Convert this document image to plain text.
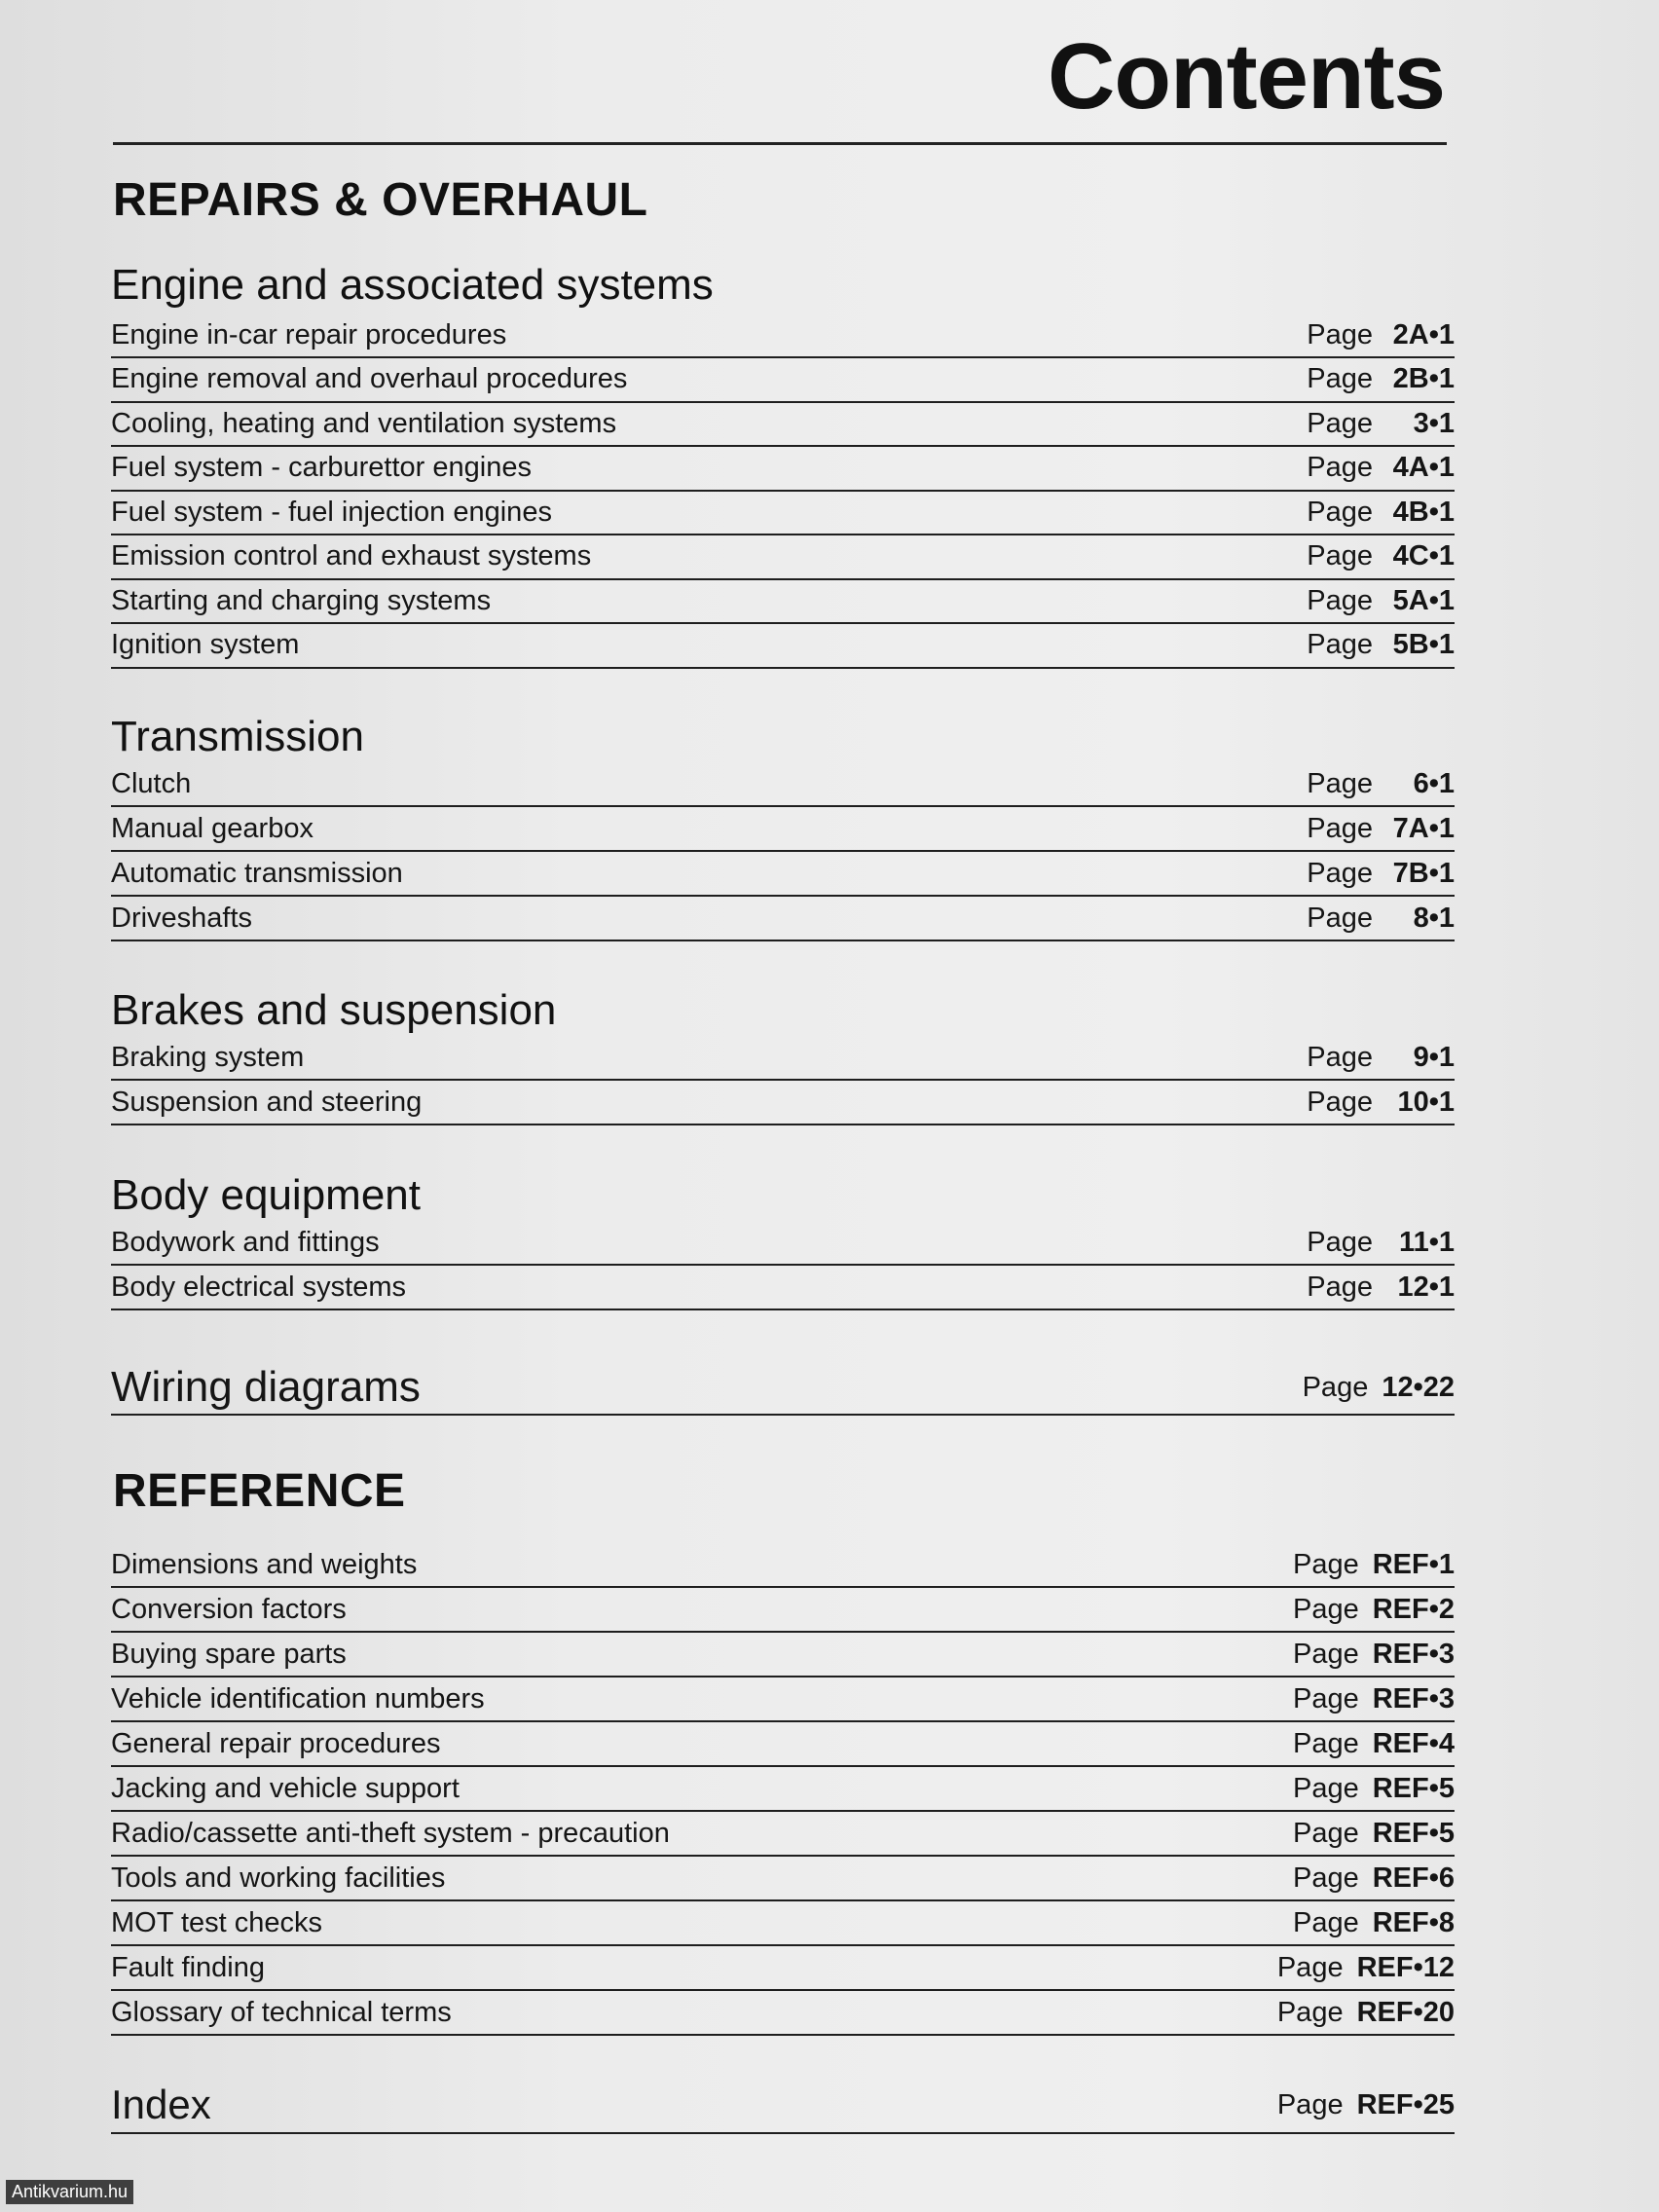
Contents
REPAIRS & OVERHAUL
Engine and associated systems
Engine in-car repair procedures	Page 2A•1
Engine removal and overhaul procedures	Page 2B•1
Cooling, heating and ventilation systems	Page	3•1
Fuel system - carburettor engines	Page 4A•1
Fuel system - fuel injection engines	Page 4B•1
Emission control and exhaust systems	Page 4C•1
Starting and charging systems	Page 5A•1
Ignition system	Page 5B•1
Transmission
Clutch	Page	6•1
Manual gearbox	Page 7A•1
Automatic transmission	Page 7B•1
Driveshafts	Page	8•1
Brakes and suspension
Braking system	Page	9•1
Suspension and steering	Page 10•1
Body equipment
Bodywork and fittings	Page 11•1
Body electrical systems	Page 12•1
Wiring diagrams	Page 12•22
REFERENCE
Dimensions and weights	Page REF•1
Conversion factors	Page REF•2
Buying spare parts	Page REF•3
Vehicle identification numbers	Page REF•3
General repair procedures	Page REF•4
Jacking and vehicle support	Page REF•5
Radio/cassette anti-theft system - precaution	Page REF•5
Tools and working facilities	Page REF•6
MOT test checks	Page REF•8
Fault finding	Page REF•12
Glossary of technical terms	Page REF•20
Index	Page REF•25
Antikvarium.hu
